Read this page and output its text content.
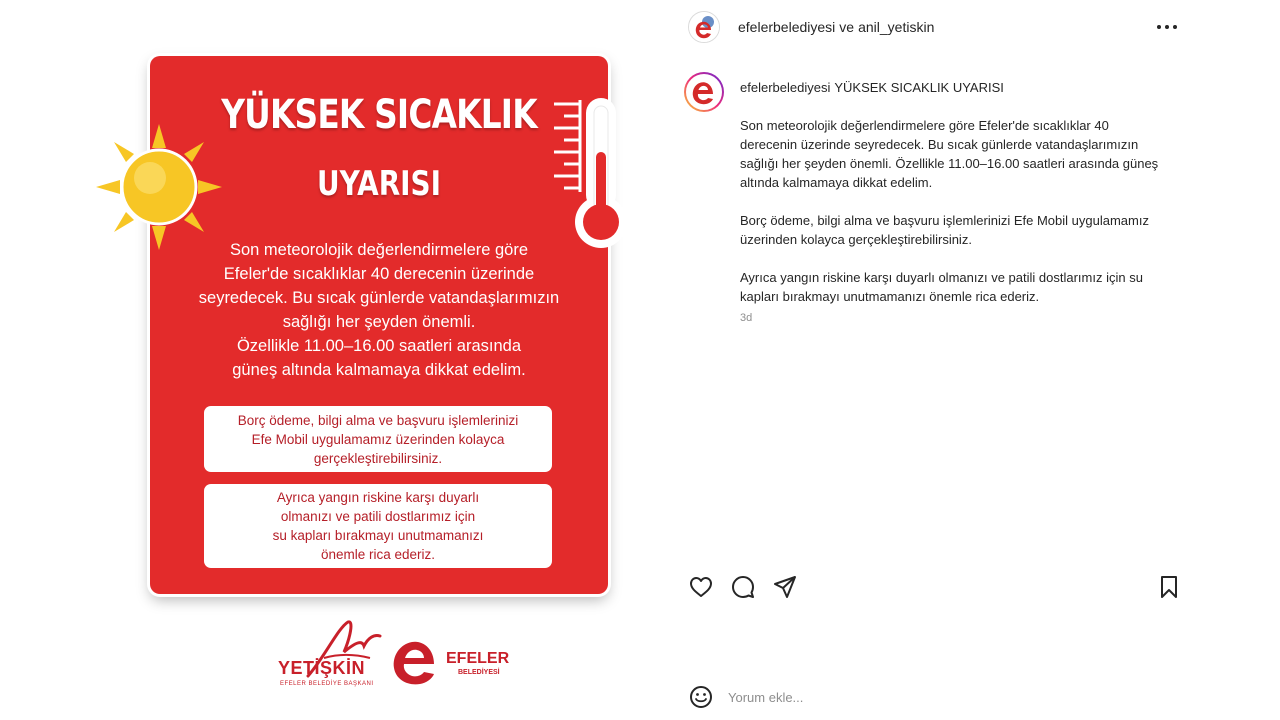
YÜKSEK SICAKLIK
UYARISI
Son meteorolojik değerlendirmelere göre
Efeler'de sıcaklıklar 40 derecenin üzerinde
seyredecek. Bu sıcak günlerde vatandaşlarımızın
sağlığı her şeyden önemli.
Özellikle 11.00–16.00 saatleri arasında
güneş altında kalmamaya dikkat edelim.
Borç ödeme, bilgi alma ve başvuru işlemlerinizi
Efe Mobil uygulamamız üzerinden kolayca
gerçekleştirebilirsiniz.
Ayrıca yangın riskine karşı duyarlı
olmanızı ve patili dostlarımız için
su kapları bırakmayı unutmamanızı
önemle rica ederiz.
YETİŞKİN
EFELER BELEDİYE BAŞKANI
EFELER
BELEDİYESİ
efelerbelediyesi ve anil_yetiskin
efelerbelediyesi YÜKSEK SICAKLIK UYARISI

Son meteorolojik değerlendirmelere göre Efeler'de sıcaklıklar 40 derecenin üzerinde seyredecek. Bu sıcak günlerde vatandaşlarımızın sağlığı her şeyden önemli. Özellikle 11.00–16.00 saatleri arasında güneş altında kalmamaya dikkat edelim.

Borç ödeme, bilgi alma ve başvuru işlemlerinizi Efe Mobil uygulamamız üzerinden kolayca gerçekleştirebilirsiniz.

Ayrıca yangın riskine karşı duyarlı olmanızı ve patili dostlarımız için su kapları bırakmayı unutmamanızı önemle rica ederiz.

3d
Yorum ekle...
